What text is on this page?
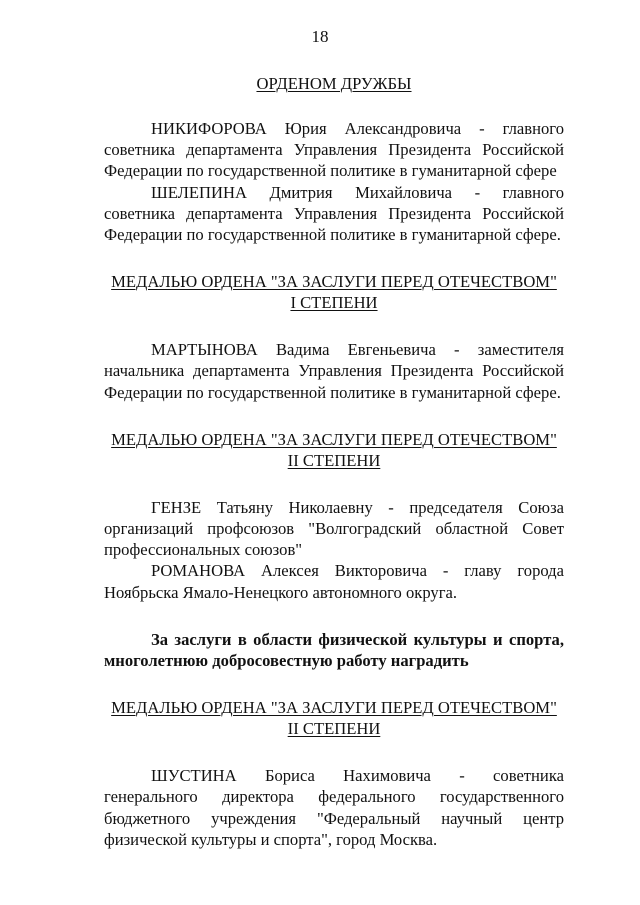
18
ОРДЕНОМ ДРУЖБЫ

НИКИФОРОВА Юрия Александровича - главного советника департамента Управления Президента Российской Федерации по государственной политике в гуманитарной сфере

ШЕЛЕПИНА Дмитрия Михайловича - главного советника департамента Управления Президента Российской Федерации по государственной политике в гуманитарной сфере.

МЕДАЛЬЮ ОРДЕНА "ЗА ЗАСЛУГИ ПЕРЕД ОТЕЧЕСТВОМ"
I СТЕПЕНИ

МАРТЫНОВА Вадима Евгеньевича - заместителя начальника департамента Управления Президента Российской Федерации по государственной политике в гуманитарной сфере.

МЕДАЛЬЮ ОРДЕНА "ЗА ЗАСЛУГИ ПЕРЕД ОТЕЧЕСТВОМ"
II СТЕПЕНИ

ГЕНЗЕ Татьяну Николаевну - председателя Союза организаций профсоюзов "Волгоградский областной Совет профессиональных союзов"

РОМАНОВА Алексея Викторовича - главу города Ноябрьска Ямало-Ненецкого автономного округа.

За заслуги в области физической культуры и спорта, многолетнюю добросовестную работу наградить

МЕДАЛЬЮ ОРДЕНА "ЗА ЗАСЛУГИ ПЕРЕД ОТЕЧЕСТВОМ"
II СТЕПЕНИ

ШУСТИНА Бориса Нахимовича - советника генерального директора федерального государственного бюджетного учреждения "Федеральный научный центр физической культуры и спорта", город Москва.
